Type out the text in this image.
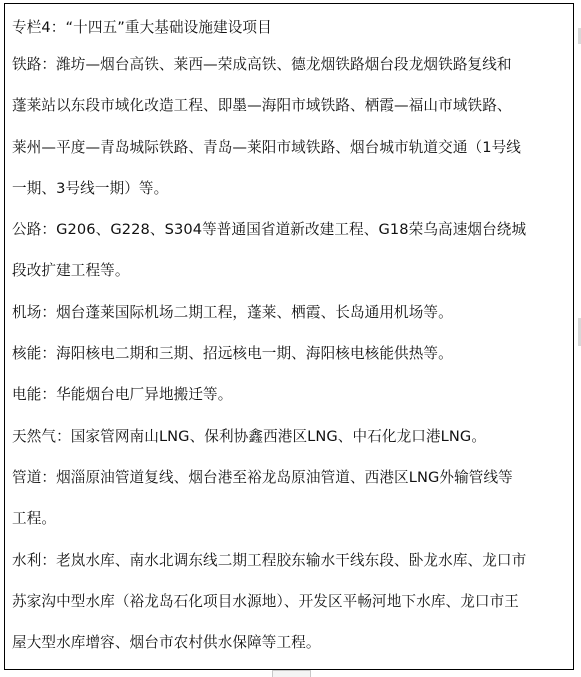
专栏4：“十四五”重大基础设施建设项目
铁路：潍坊—烟台高铁、莱西—荣成高铁、德龙烟铁路烟台段龙烟铁路复线和
蓬莱站以东段市域化改造工程、即墨—海阳市域铁路、栖霞—福山市域铁路、
莱州—平度—青岛城际铁路、青岛—莱阳市域铁路、烟台城市轨道交通（1号线
一期、3号线一期）等。
公路：G206、G228、S304等普通国省道新改建工程、G18荣乌高速烟台绕城
段改扩建工程等。
机场：烟台蓬莱国际机场二期工程，蓬莱、栖霞、长岛通用机场等。
核能：海阳核电二期和三期、招远核电一期、海阳核电核能供热等。
电能：华能烟台电厂异地搬迁等。
天然气：国家管网南山LNG、保利协鑫西港区LNG、中石化龙口港LNG。
管道：烟淄原油管道复线、烟台港至裕龙岛原油管道、西港区LNG外输管线等
工程。
水利：老岚水库、南水北调东线二期工程胶东输水干线东段、卧龙水库、龙口市
苏家沟中型水库（裕龙岛石化项目水源地）、开发区平畅河地下水库、龙口市王
屋大型水库增容、烟台市农村供水保障等工程。
